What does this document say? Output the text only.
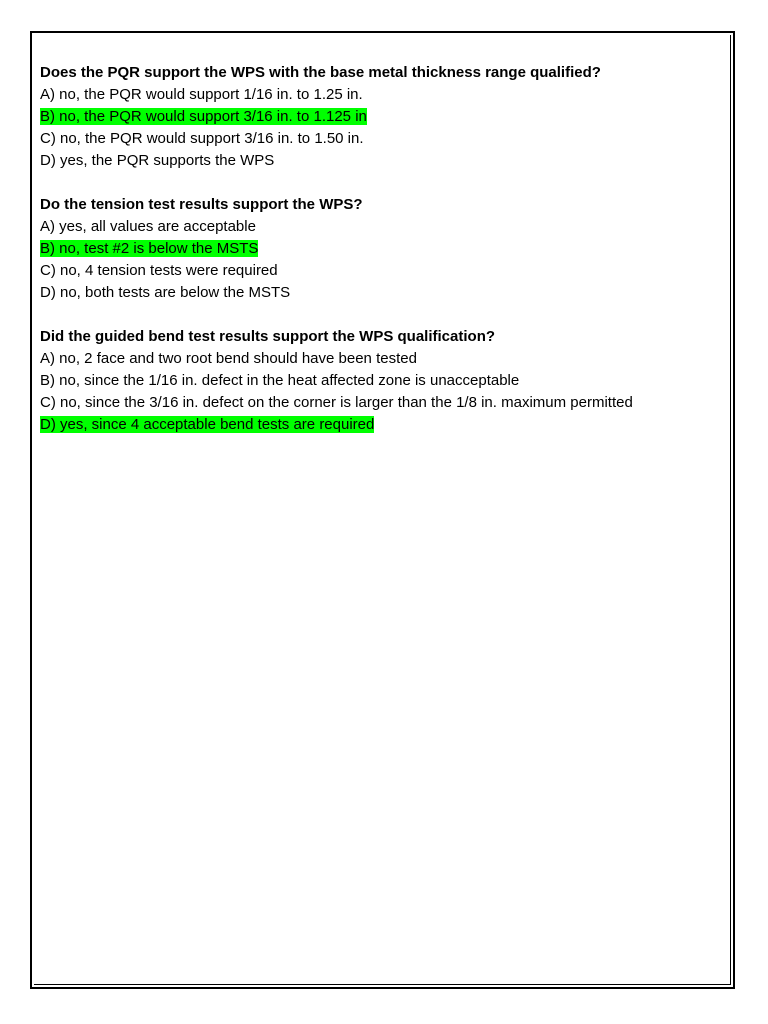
Does the PQR support the WPS with the base metal thickness range qualified?
A) no, the PQR would support 1/16 in. to 1.25 in.
B) no, the PQR would support 3/16 in. to 1.125 in
C) no, the PQR would support 3/16 in. to 1.50 in.
D) yes, the PQR supports the WPS
Do the tension test results support the WPS?
A) yes, all values are acceptable
B) no, test #2 is below the MSTS
C) no, 4 tension tests were required
D) no, both tests are below the MSTS
Did the guided bend test results support the WPS qualification?
A) no, 2 face and two root bend should have been tested
B) no, since the 1/16 in. defect in the heat affected zone is unacceptable
C) no, since the 3/16 in. defect on the corner is larger than the 1/8 in. maximum permitted
D) yes, since 4 acceptable bend tests are required
